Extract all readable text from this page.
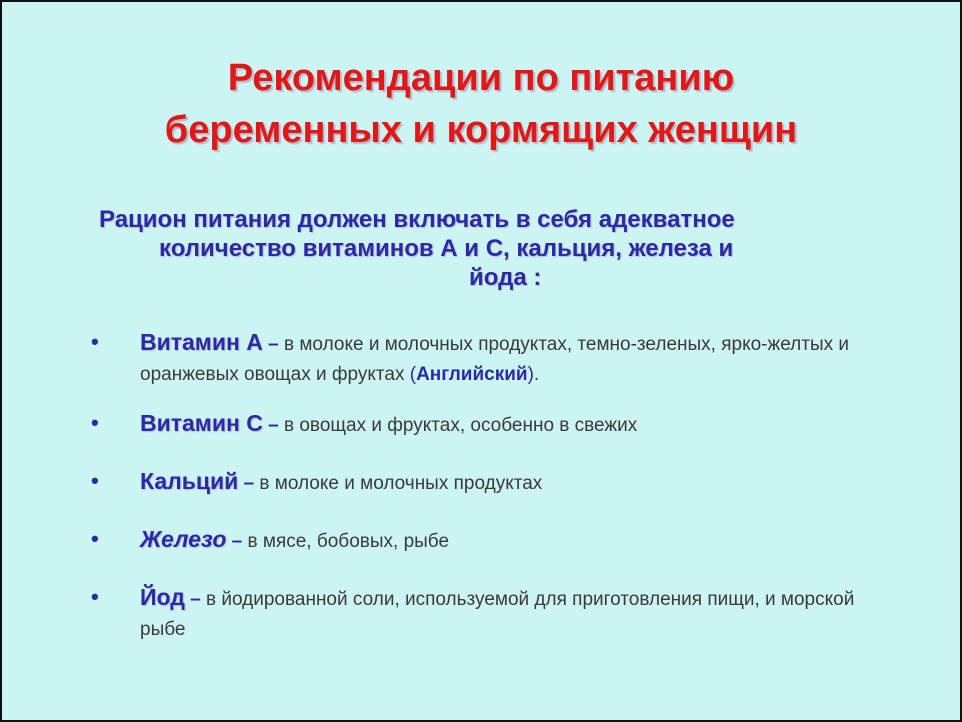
Рекомендации по питанию
беременных и кормящих женщин
Рацион питания должен включать в себя адекватное
количество витаминов А и С, кальция, железа и
йода :
• Витамин А – в молоке и молочных продуктах, темно-зеленых, ярко-желтых и оранжевых овощах и фруктах (Английский).
• Витамин С – в овощах и фруктах, особенно в свежих
• Кальций – в молоке и молочных продуктах
• Железо – в мясе, бобовых, рыбе
• Йод – в йодированной соли, используемой для приготовления пищи, и морской рыбе
